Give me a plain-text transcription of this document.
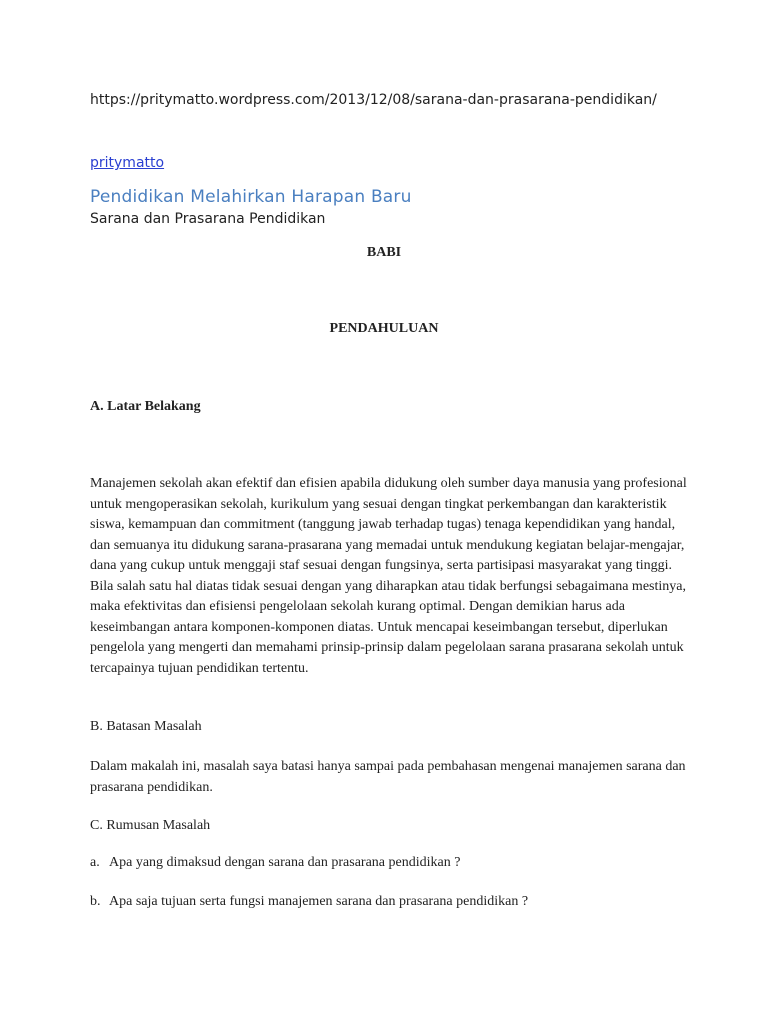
https://pritymatto.wordpress.com/2013/12/08/sarana-dan-prasarana-pendidikan/
pritymatto
Pendidikan Melahirkan Harapan Baru
Sarana dan Prasarana Pendidikan
BABI
PENDAHULUAN
A. Latar Belakang
Manajemen sekolah akan efektif dan efisien apabila didukung oleh sumber daya manusia yang profesional untuk mengoperasikan sekolah, kurikulum yang sesuai dengan tingkat perkembangan dan karakteristik siswa, kemampuan dan commitment (tanggung jawab terhadap tugas) tenaga kependidikan yang handal, dan semuanya itu didukung sarana-prasarana yang memadai untuk mendukung kegiatan belajar-mengajar, dana yang cukup untuk menggaji staf sesuai dengan fungsinya, serta partisipasi masyarakat yang tinggi. Bila salah satu hal diatas tidak sesuai dengan yang diharapkan atau tidak berfungsi sebagaimana mestinya, maka efektivitas dan efisiensi pengelolaan sekolah kurang optimal. Dengan demikian harus ada keseimbangan antara komponen-komponen diatas. Untuk mencapai keseimbangan tersebut, diperlukan pengelola yang mengerti dan memahami prinsip-prinsip dalam pegelolaan sarana prasarana sekolah untuk tercapainya tujuan pendidikan tertentu.
B. Batasan Masalah
Dalam makalah ini, masalah saya batasi hanya sampai pada pembahasan mengenai manajemen sarana dan prasarana pendidikan.
C. Rumusan Masalah
a. Apa yang dimaksud dengan sarana dan prasarana pendidikan ?
b. Apa saja tujuan serta fungsi manajemen sarana dan prasarana pendidikan ?
